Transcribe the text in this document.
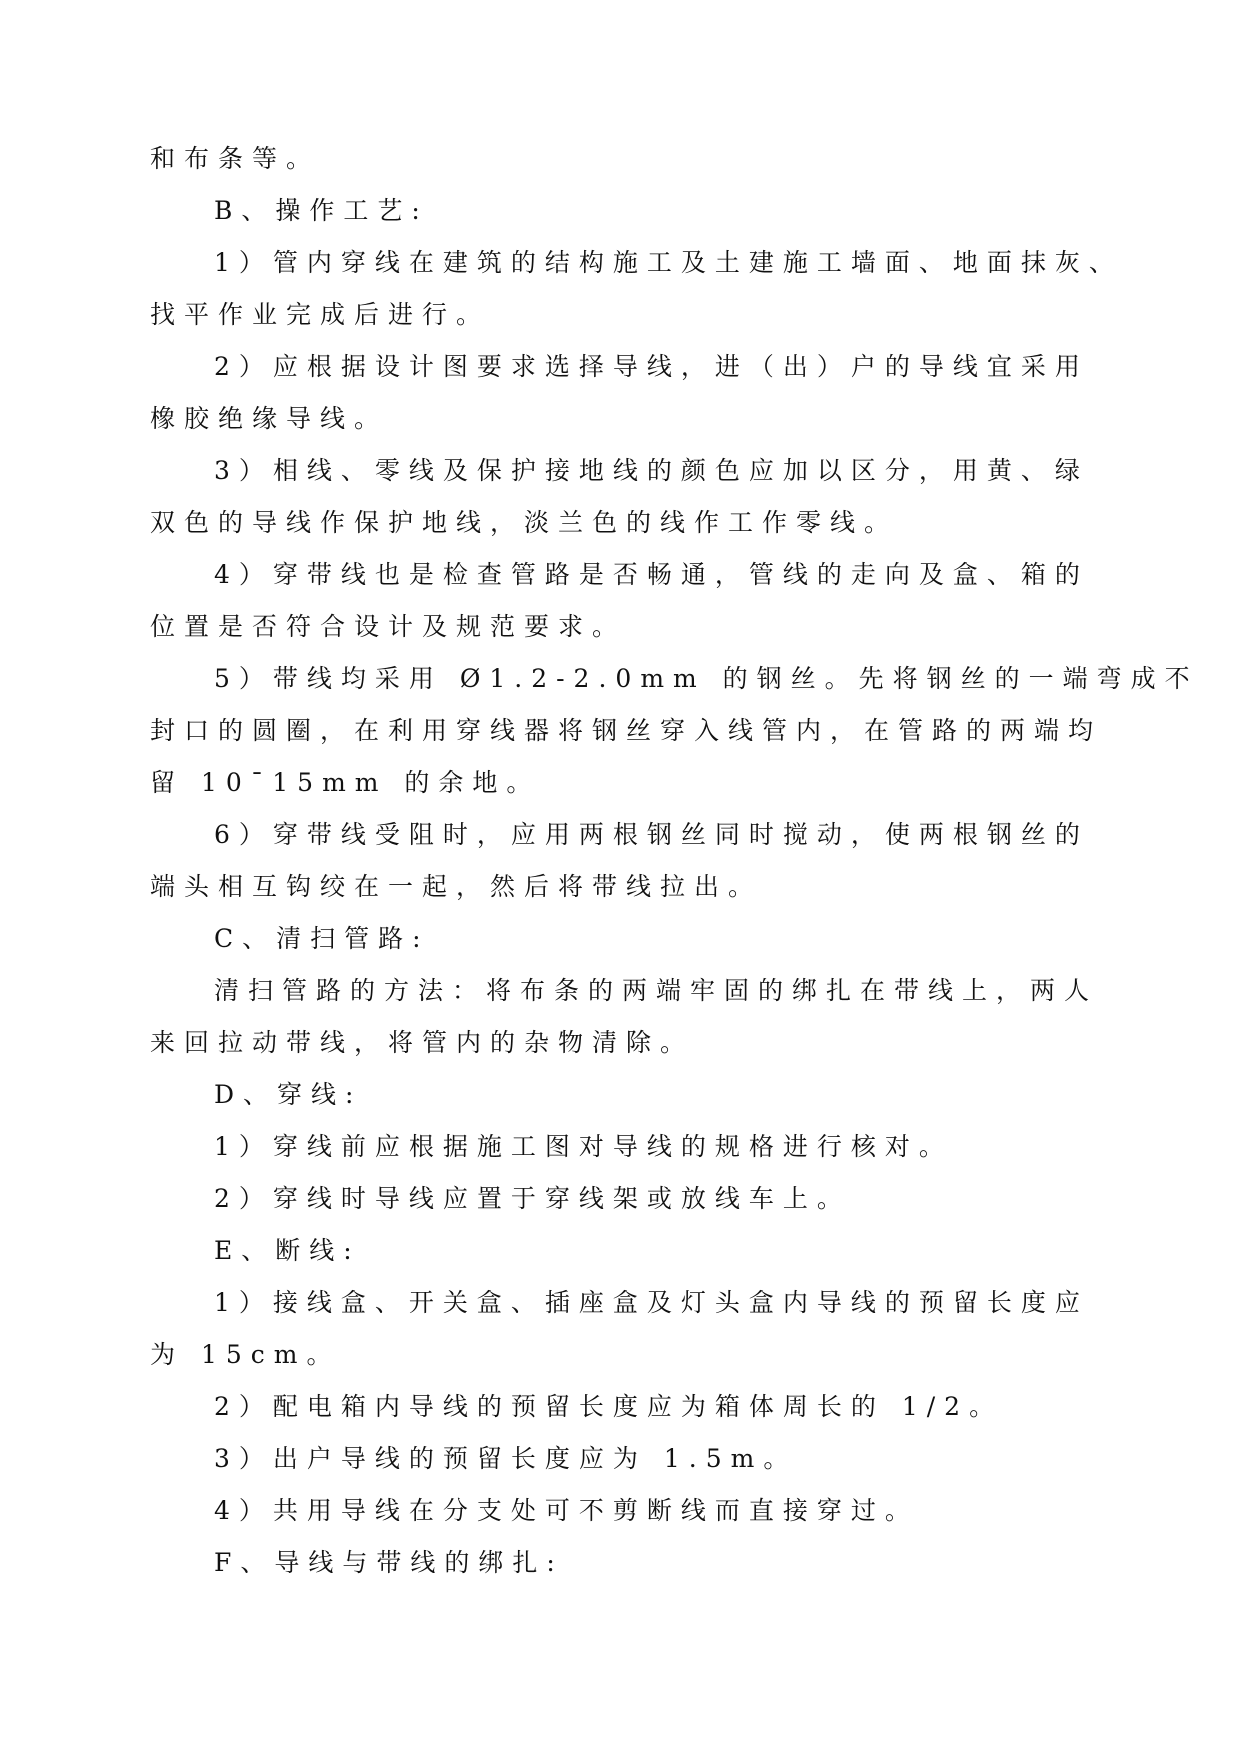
和布条等。
B、操作工艺:
1）管内穿线在建筑的结构施工及土建施工墙面、地面抹灰、
找平作业完成后进行。
2）应根据设计图要求选择导线，进（出）户的导线宜采用
橡胶绝缘导线。
3）相线、零线及保护接地线的颜色应加以区分，用黄、绿
双色的导线作保护地线，淡兰色的线作工作零线。
4）穿带线也是检查管路是否畅通，管线的走向及盒、箱的
位置是否符合设计及规范要求。
5）带线均采用 Ø1.2-2.0mm 的钢丝。先将钢丝的一端弯成不
封口的圆圈，在利用穿线器将钢丝穿入线管内，在管路的两端均
留 10¯15mm 的余地。
6）穿带线受阻时，应用两根钢丝同时搅动，使两根钢丝的
端头相互钩绞在一起，然后将带线拉出。
C、清扫管路:
清扫管路的方法：将布条的两端牢固的绑扎在带线上，两人
来回拉动带线，将管内的杂物清除。
D、穿线:
1）穿线前应根据施工图对导线的规格进行核对。
2）穿线时导线应置于穿线架或放线车上。
E、断线:
1）接线盒、开关盒、插座盒及灯头盒内导线的预留长度应
为 15cm。
2）配电箱内导线的预留长度应为箱体周长的 1/2。
3）出户导线的预留长度应为 1.5m。
4）共用导线在分支处可不剪断线而直接穿过。
F、导线与带线的绑扎:
